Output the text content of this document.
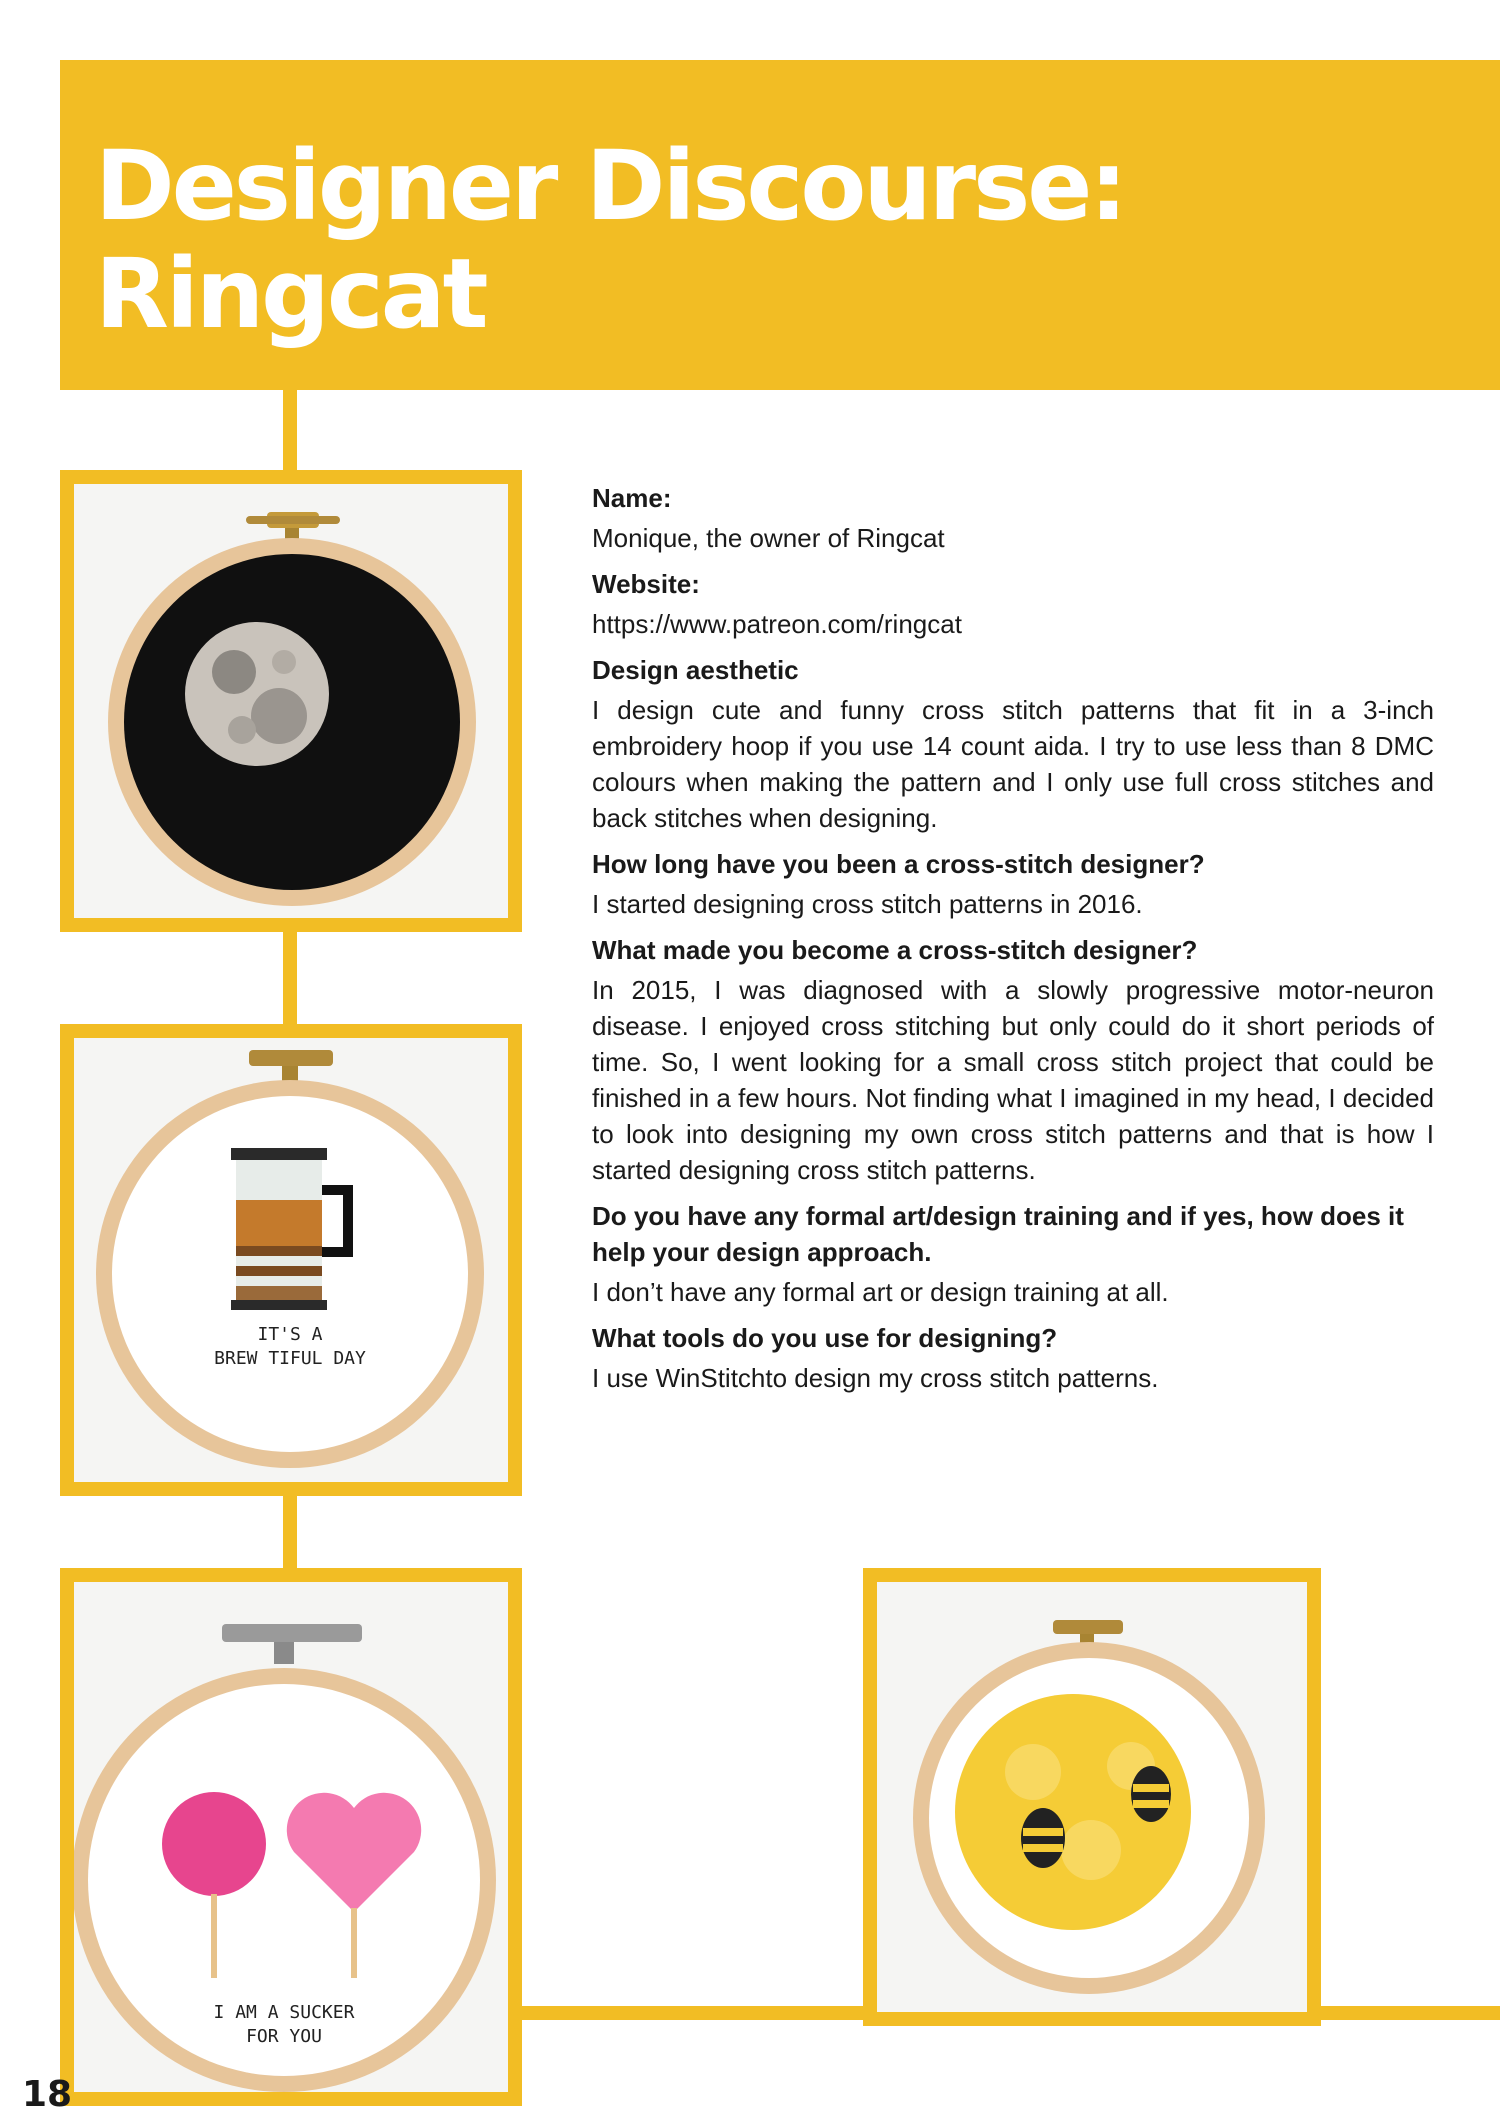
Designer Discourse:
Ringcat
IT'S A
BREW TIFUL DAY
I AM A SUCKER
FOR YOU

Name:

Monique, the owner of Ringcat

Website:

https://www.patreon.com/ringcat

Design aesthetic

I design cute and funny cross stitch patterns that fit in a 3-inch embroidery hoop if you use 14 count aida. I try to use less than 8 DMC colours when making the pattern and I only use full cross stitches and back stitches when designing.

How long have you been a cross-stitch designer?

I started designing cross stitch patterns in 2016.

What made you become a cross-stitch designer?

In 2015, I was diagnosed with a slowly progressive motor-neuron disease. I enjoyed cross stitching but only could do it short periods of time. So, I went looking for a small cross stitch project that could be finished in a few hours. Not finding what I imagined in my head, I decided to look into designing my own cross stitch patterns and that is how I started designing cross stitch patterns.

Do you have any formal art/design training and if yes, how does it help your design approach.

I don’t have any formal art or design training at all.

What tools do you use for designing?

I use WinStitchto design my cross stitch patterns.

18
